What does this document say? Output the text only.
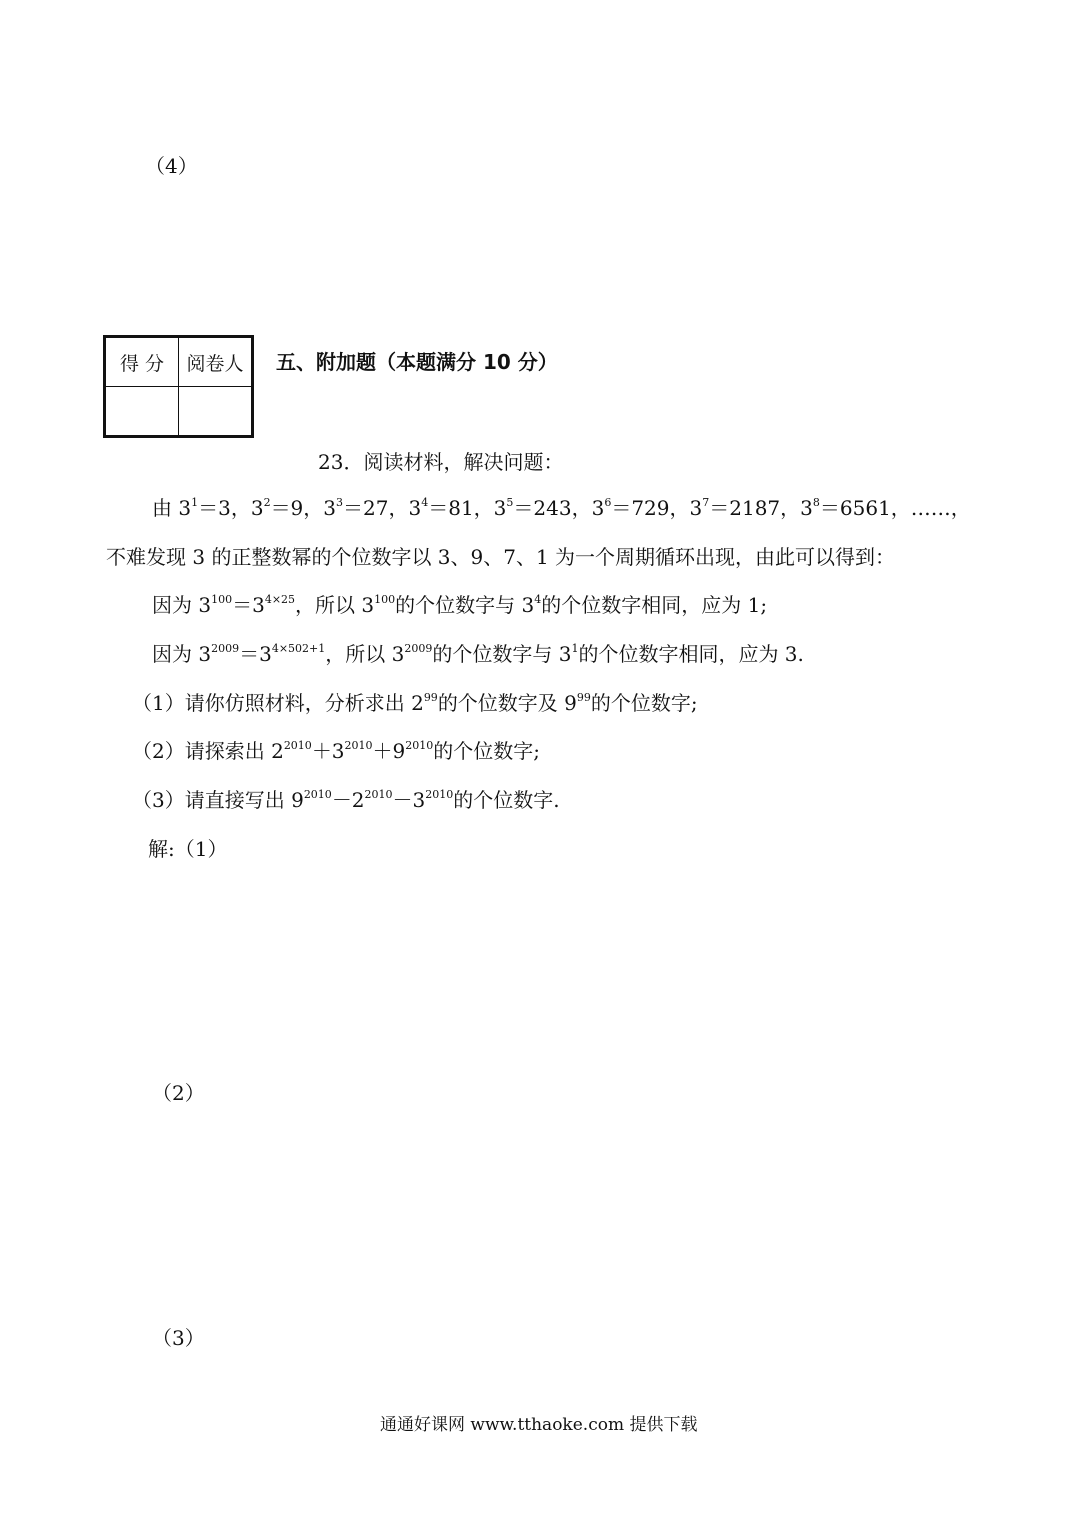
（4）
得 分	阅卷人
	五、附加题（本题满分 10 分）
23．阅读材料，解决问题：
由 $3^1=3$，$3^2=9$，$3^3=27$，$3^4=81$，$3^5=243$，$3^6=729$，$3^7=2187$，$3^8=6561$，……，
不难发现 3 的正整数幂的个位数字以 3、9、7、1 为一个周期循环出现，由此可以得到：
因为 $3^{100}=3^{4\times 25}$，所以 $3^{100}$的个位数字与 $3^4$的个位数字相同，应为 1;
因为 $3^{2009}=3^{4\times 502+1}$，所以 $3^{2009}$的个位数字与 $3^1$的个位数字相同，应为 3.
（1）请你仿照材料，分析求出 $2^{99}$的个位数字及 $9^{99}$的个位数字;
（2）请探索出 $2^{2010}+3^{2010}+9^{2010}$的个位数字;
（3）请直接写出 $9^{2010}-2^{2010}-3^{2010}$的个位数字.
解:（1）
（2）
（3）
通通好课网 www.tthaoke.com 提供下载
